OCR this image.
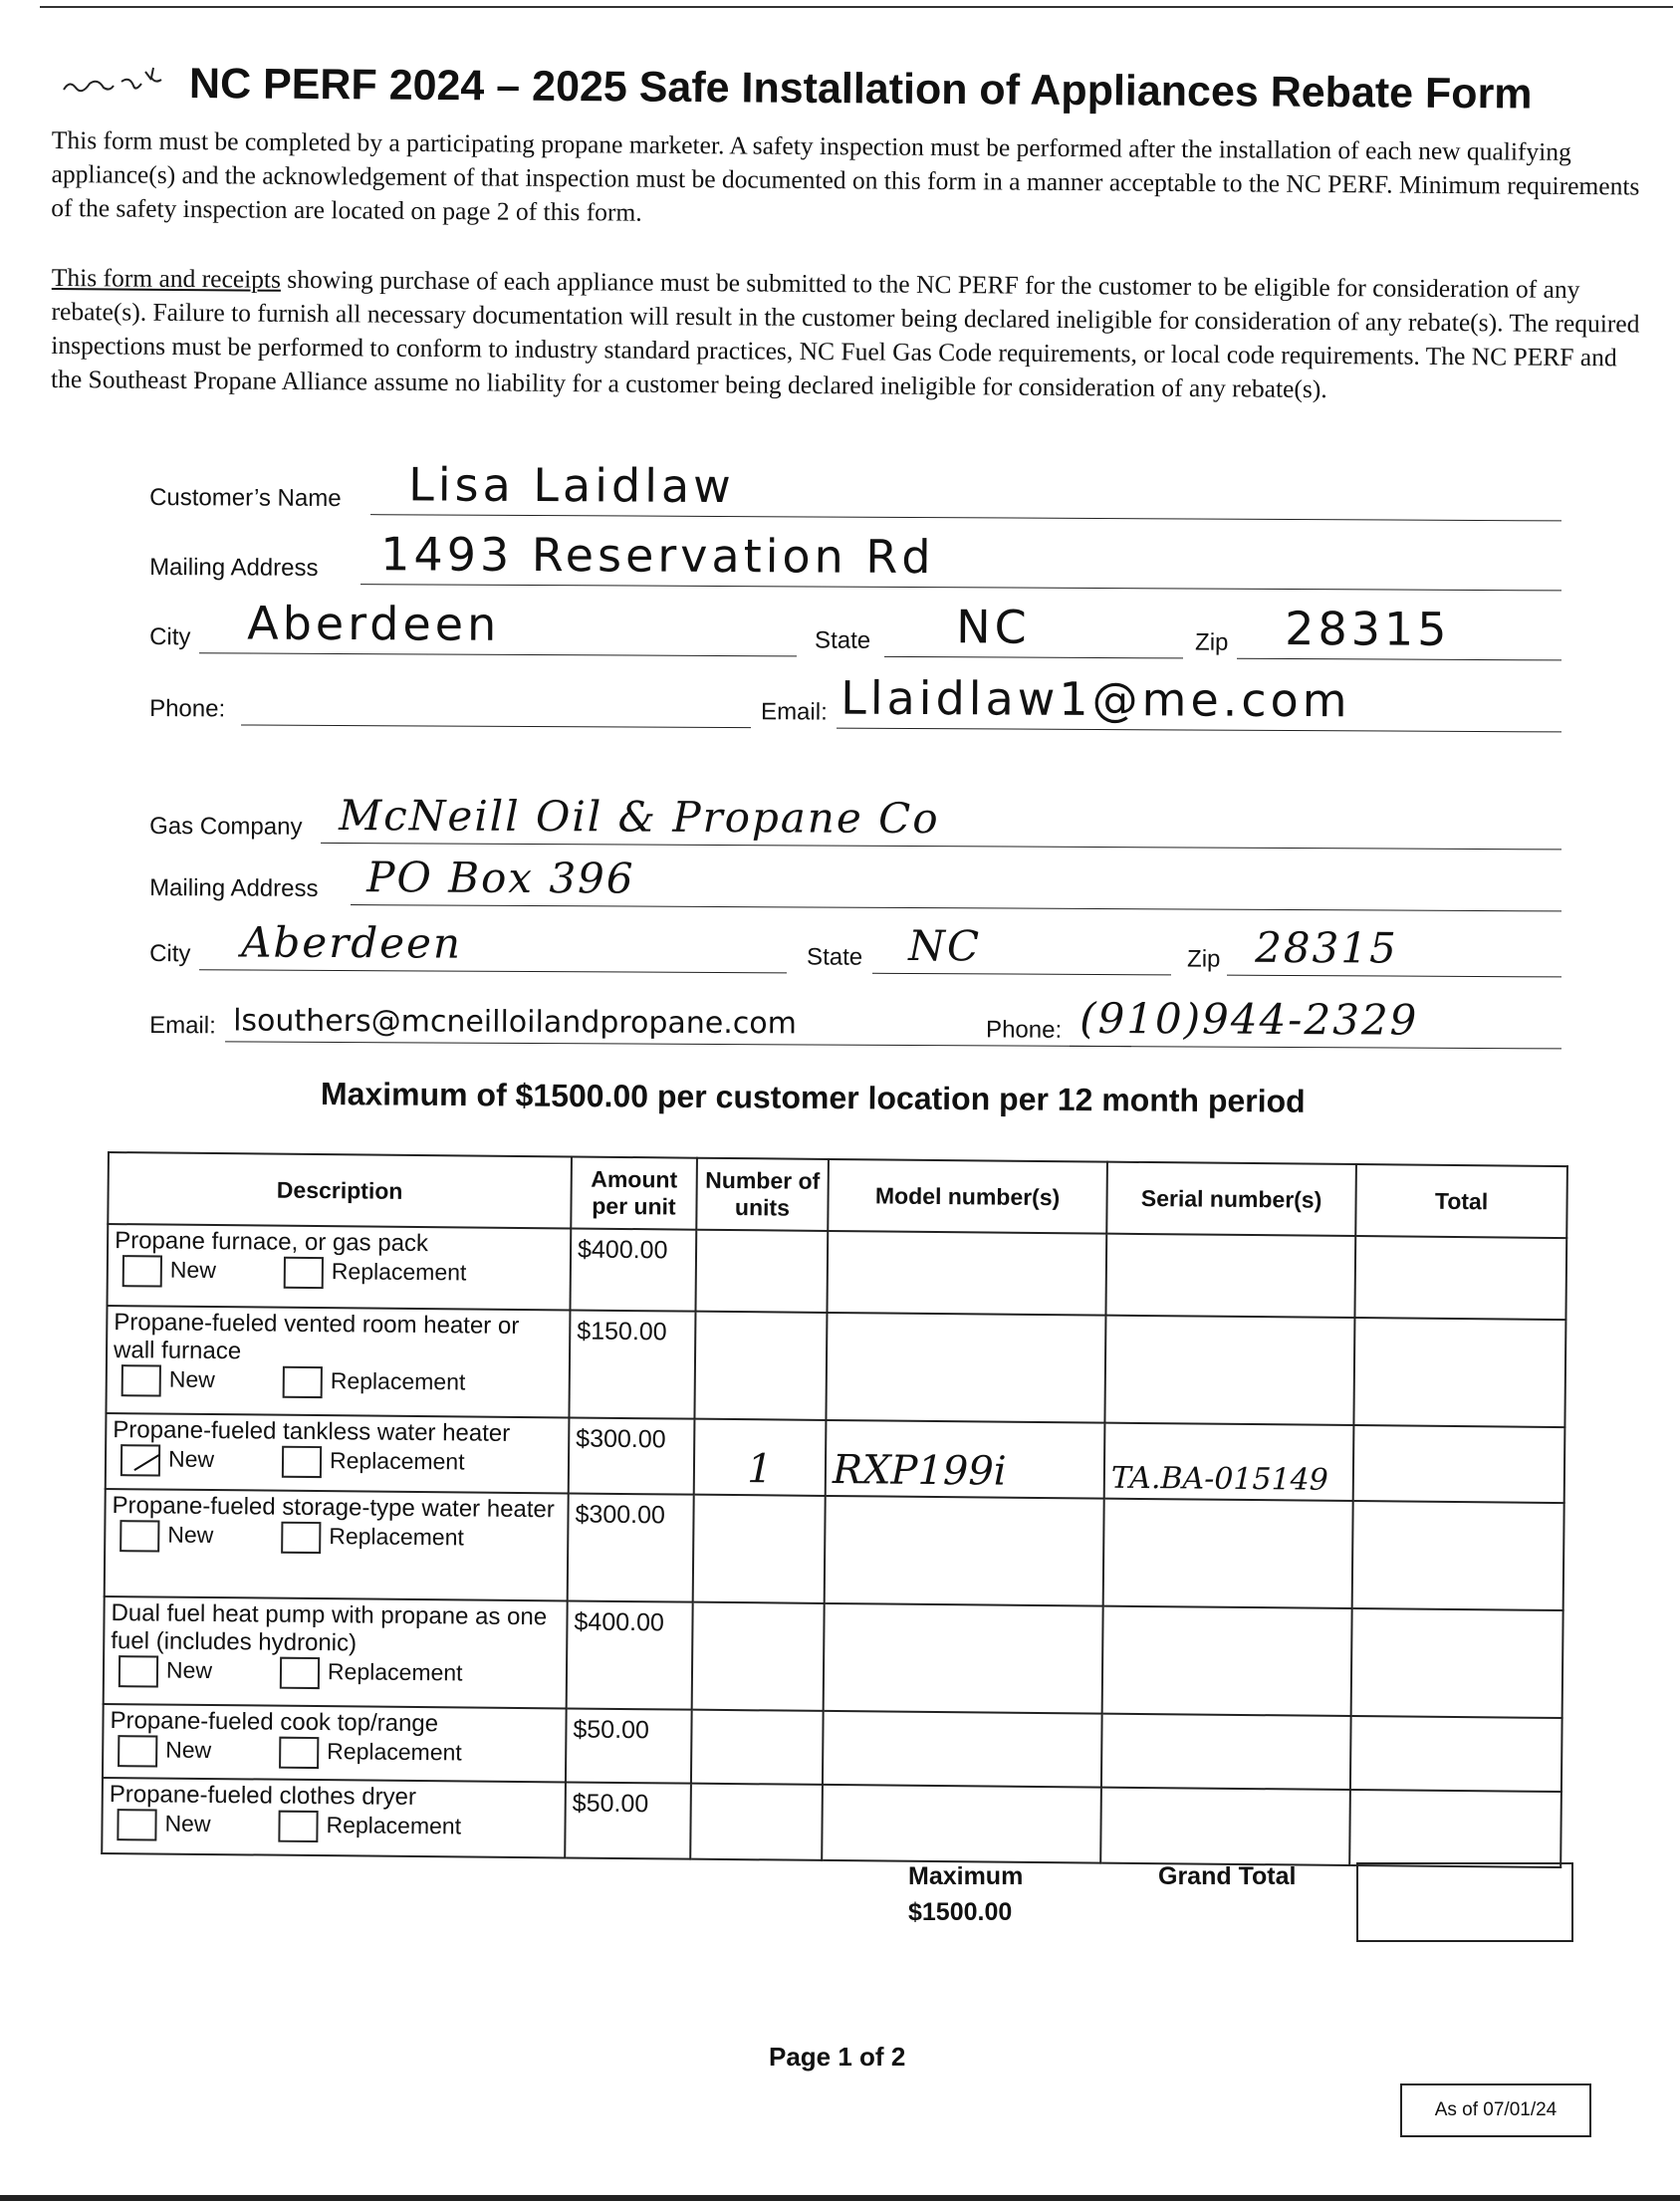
NC PERF 2024 – 2025 Safe Installation of Appliances Rebate Form
This form must be completed by a participating propane marketer. A safety inspection must be performed after the installation of each new qualifying appliance(s) and the acknowledgement of that inspection must be documented on this form in a manner acceptable to the NC PERF. Minimum requirements of the safety inspection are located on page 2 of this form.
This form and receipts showing purchase of each appliance must be submitted to the NC PERF for the customer to be eligible for consideration of any rebate(s). Failure to furnish all necessary documentation will result in the customer being declared ineligible for consideration of any rebate(s). The required inspections must be performed to conform to industry standard practices, NC Fuel Gas Code requirements, or local code requirements. The NC PERF and the Southeast Propane Alliance assume no liability for a customer being declared ineligible for consideration of any rebate(s).
Customer’s Name Lisa Laidlaw
Mailing Address 1493 Reservation Rd
City Aberdeen	State NC	Zip 28315
Phone:	Email: Llaidlaw1@me.com
Gas Company McNeill Oil & Propane Co
Mailing Address PO Box 396
City Aberdeen	State NC	Zip 28315
Email: lsouthers@mcneilloilandpropane.com	Phone: (910)944-2329
Maximum of $1500.00 per customer location per 12 month period
Description	Amount per unit	Number of units	Model number(s)	Serial number(s)	Total

Propane furnace, or gas pack
New Replacement	$400.00				

Propane-fueled vented room heater or wall furnace
New Replacement	$150.00				

Propane-fueled tankless water heater
New Replacement	$300.00	1	RXP199i	TA.BA-015149	

Propane-fueled storage-type water heater
New Replacement	$300.00				

Dual fuel heat pump with propane as one fuel (includes hydronic)
New Replacement	$400.00				

Propane-fueled cook top/range
New Replacement	$50.00				

Propane-fueled clothes dryer
New Replacement	$50.00				
Maximum
$1500.00
Grand Total
Page 1 of 2
As of 07/01/24
